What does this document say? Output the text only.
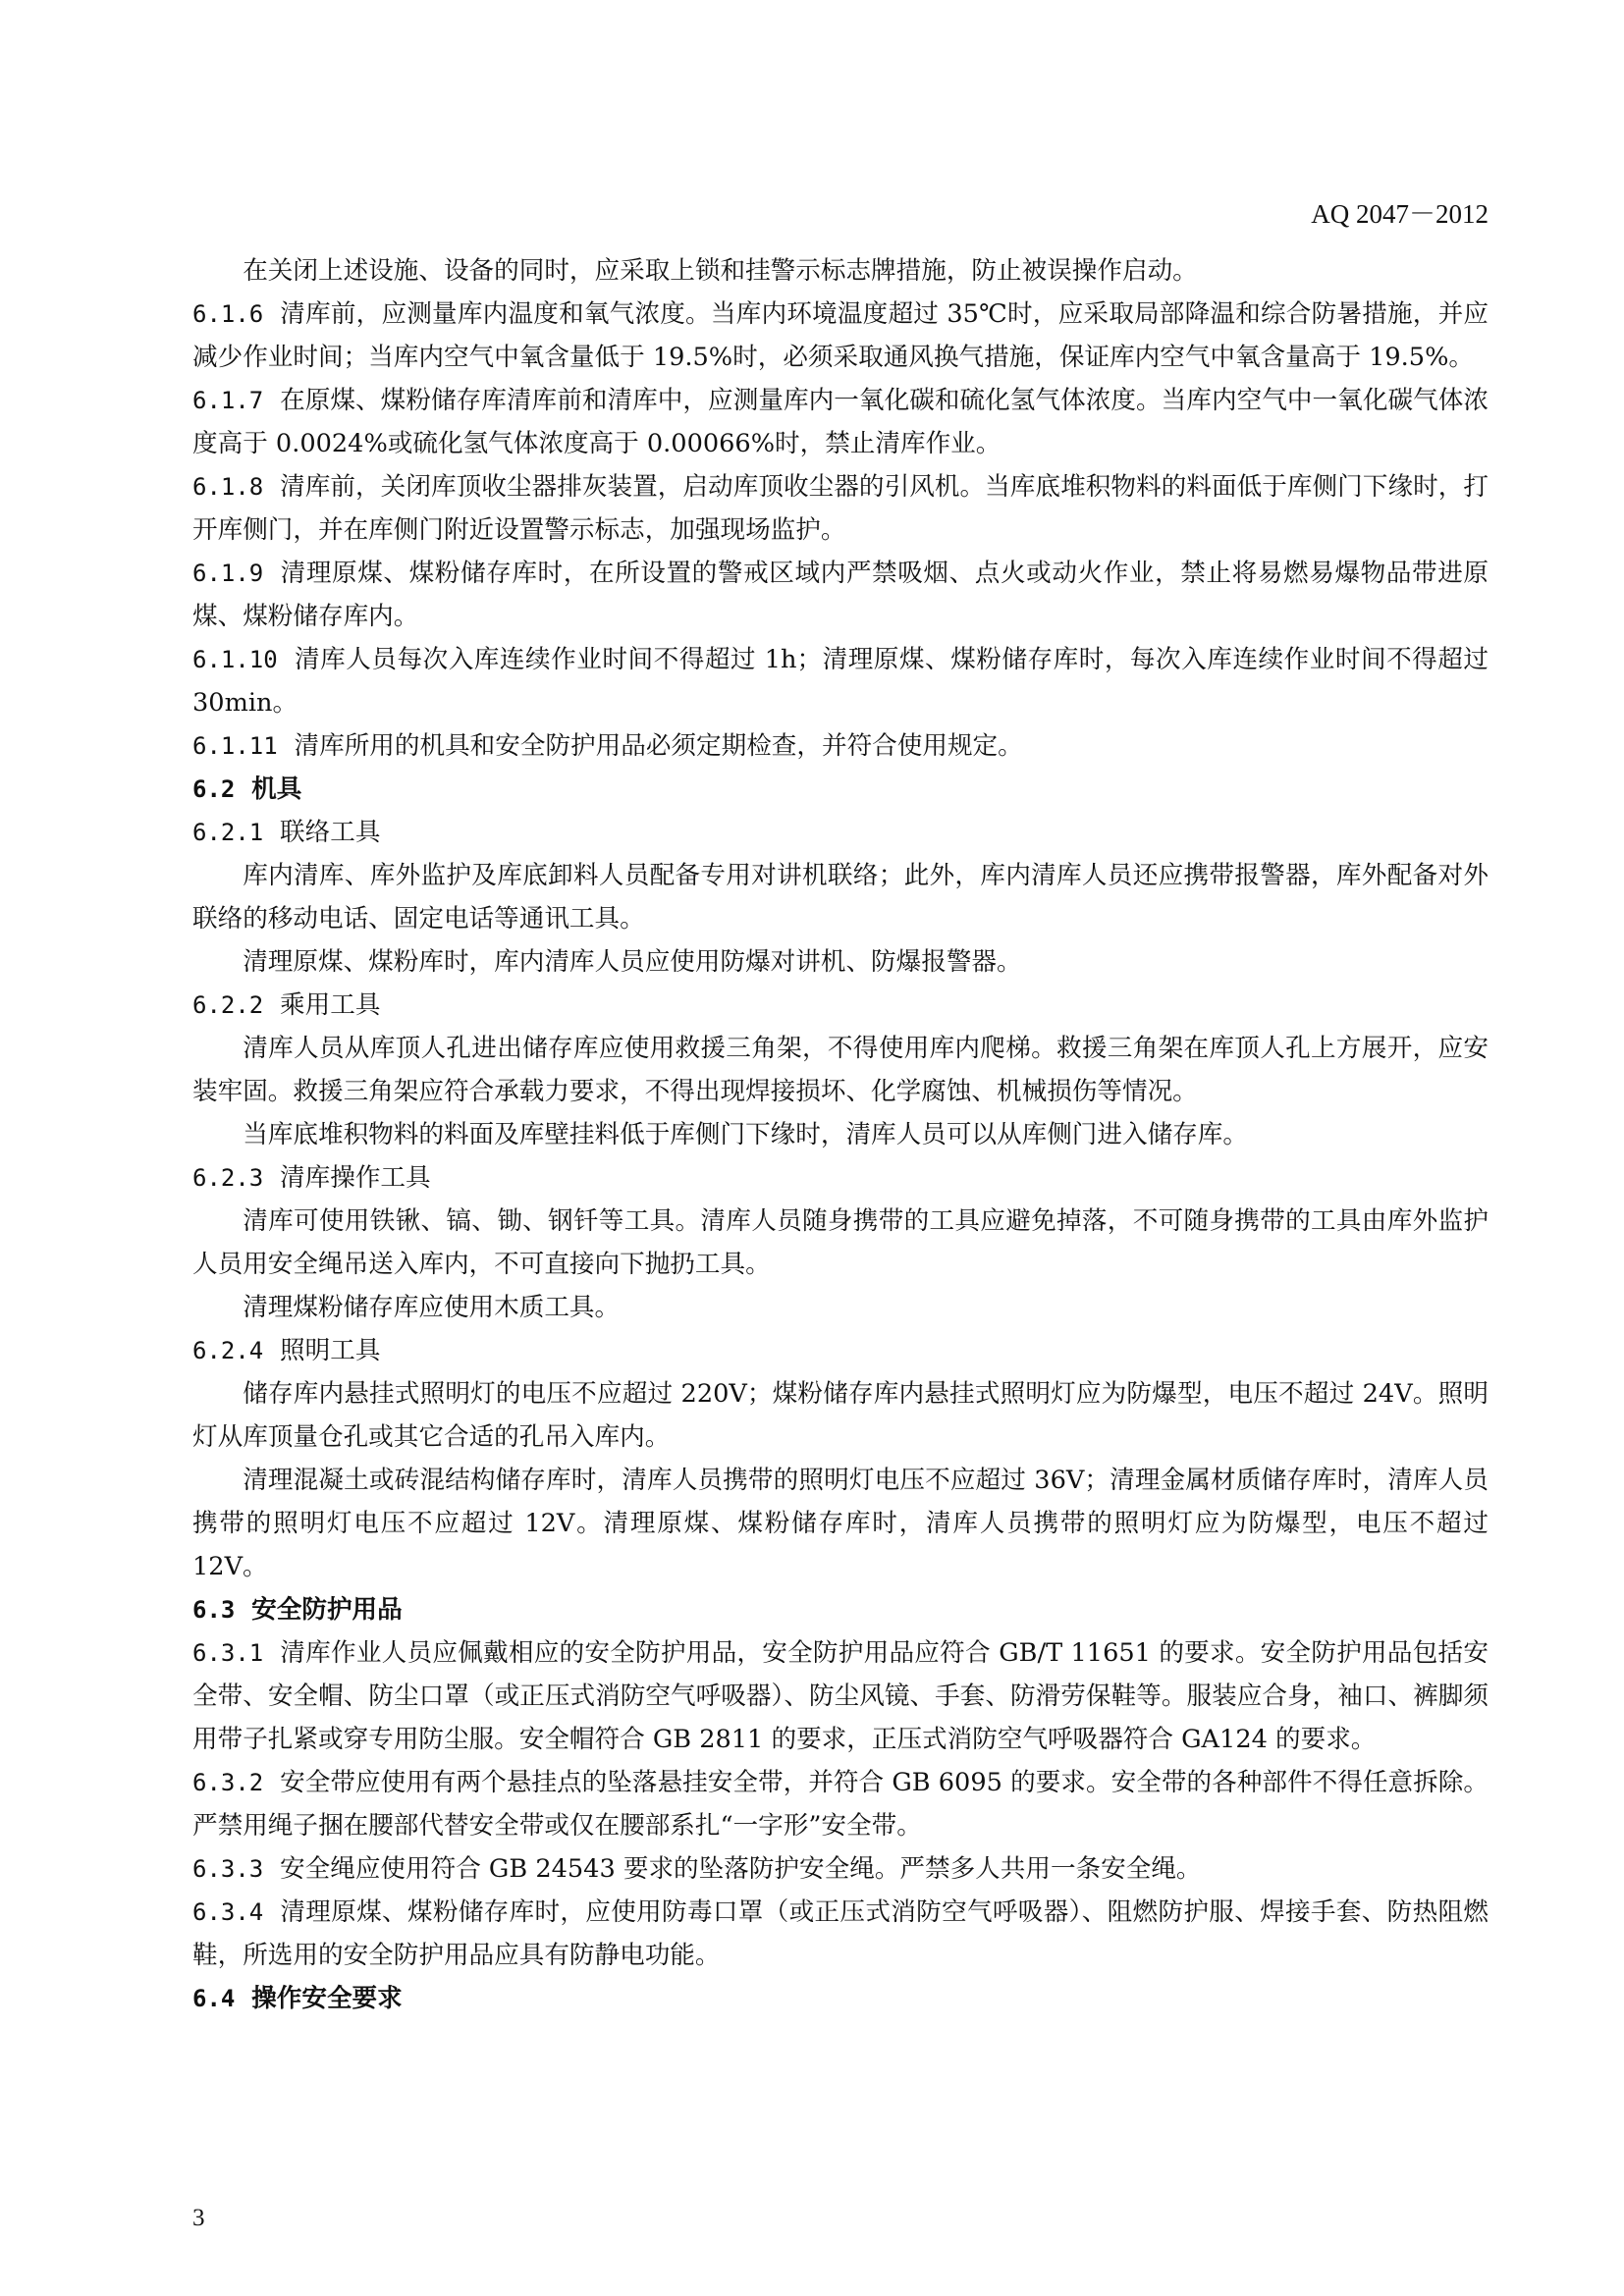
AQ 2047－2012

在关闭上述设施、设备的同时，应采取上锁和挂警示标志牌措施，防止被误操作启动。

6.1.6 清库前，应测量库内温度和氧气浓度。当库内环境温度超过 35℃时，应采取局部降温和综合防暑措施，并应减少作业时间；当库内空气中氧含量低于 19.5%时，必须采取通风换气措施，保证库内空气中氧含量高于 19.5%。

6.1.7 在原煤、煤粉储存库清库前和清库中，应测量库内一氧化碳和硫化氢气体浓度。当库内空气中一氧化碳气体浓度高于 0.0024%或硫化氢气体浓度高于 0.00066%时，禁止清库作业。

6.1.8 清库前，关闭库顶收尘器排灰装置，启动库顶收尘器的引风机。当库底堆积物料的料面低于库侧门下缘时，打开库侧门，并在库侧门附近设置警示标志，加强现场监护。

6.1.9 清理原煤、煤粉储存库时，在所设置的警戒区域内严禁吸烟、点火或动火作业，禁止将易燃易爆物品带进原煤、煤粉储存库内。

6.1.10 清库人员每次入库连续作业时间不得超过 1h；清理原煤、煤粉储存库时，每次入库连续作业时间不得超过 30min。

6.1.11 清库所用的机具和安全防护用品必须定期检查，并符合使用规定。

6.2 机具

6.2.1 联络工具

库内清库、库外监护及库底卸料人员配备专用对讲机联络；此外，库内清库人员还应携带报警器，库外配备对外联络的移动电话、固定电话等通讯工具。

清理原煤、煤粉库时，库内清库人员应使用防爆对讲机、防爆报警器。

6.2.2 乘用工具

清库人员从库顶人孔进出储存库应使用救援三角架，不得使用库内爬梯。救援三角架在库顶人孔上方展开，应安装牢固。救援三角架应符合承载力要求，不得出现焊接损坏、化学腐蚀、机械损伤等情况。

当库底堆积物料的料面及库壁挂料低于库侧门下缘时，清库人员可以从库侧门进入储存库。

6.2.3 清库操作工具

清库可使用铁锹、镐、锄、钢钎等工具。清库人员随身携带的工具应避免掉落，不可随身携带的工具由库外监护人员用安全绳吊送入库内，不可直接向下抛扔工具。

清理煤粉储存库应使用木质工具。

6.2.4 照明工具

储存库内悬挂式照明灯的电压不应超过 220V；煤粉储存库内悬挂式照明灯应为防爆型，电压不超过 24V。照明灯从库顶量仓孔或其它合适的孔吊入库内。

清理混凝土或砖混结构储存库时，清库人员携带的照明灯电压不应超过 36V；清理金属材质储存库时，清库人员携带的照明灯电压不应超过 12V。清理原煤、煤粉储存库时，清库人员携带的照明灯应为防爆型，电压不超过 12V。

6.3 安全防护用品

6.3.1 清库作业人员应佩戴相应的安全防护用品，安全防护用品应符合 GB/T 11651 的要求。安全防护用品包括安全带、安全帽、防尘口罩（或正压式消防空气呼吸器）、防尘风镜、手套、防滑劳保鞋等。服装应合身，袖口、裤脚须用带子扎紧或穿专用防尘服。安全帽符合 GB 2811 的要求，正压式消防空气呼吸器符合 GA124 的要求。

6.3.2 安全带应使用有两个悬挂点的坠落悬挂安全带，并符合 GB 6095 的要求。安全带的各种部件不得任意拆除。严禁用绳子捆在腰部代替安全带或仅在腰部系扎“一字形”安全带。

6.3.3 安全绳应使用符合 GB 24543 要求的坠落防护安全绳。严禁多人共用一条安全绳。

6.3.4 清理原煤、煤粉储存库时，应使用防毒口罩（或正压式消防空气呼吸器）、阻燃防护服、焊接手套、防热阻燃鞋，所选用的安全防护用品应具有防静电功能。

6.4 操作安全要求

3
